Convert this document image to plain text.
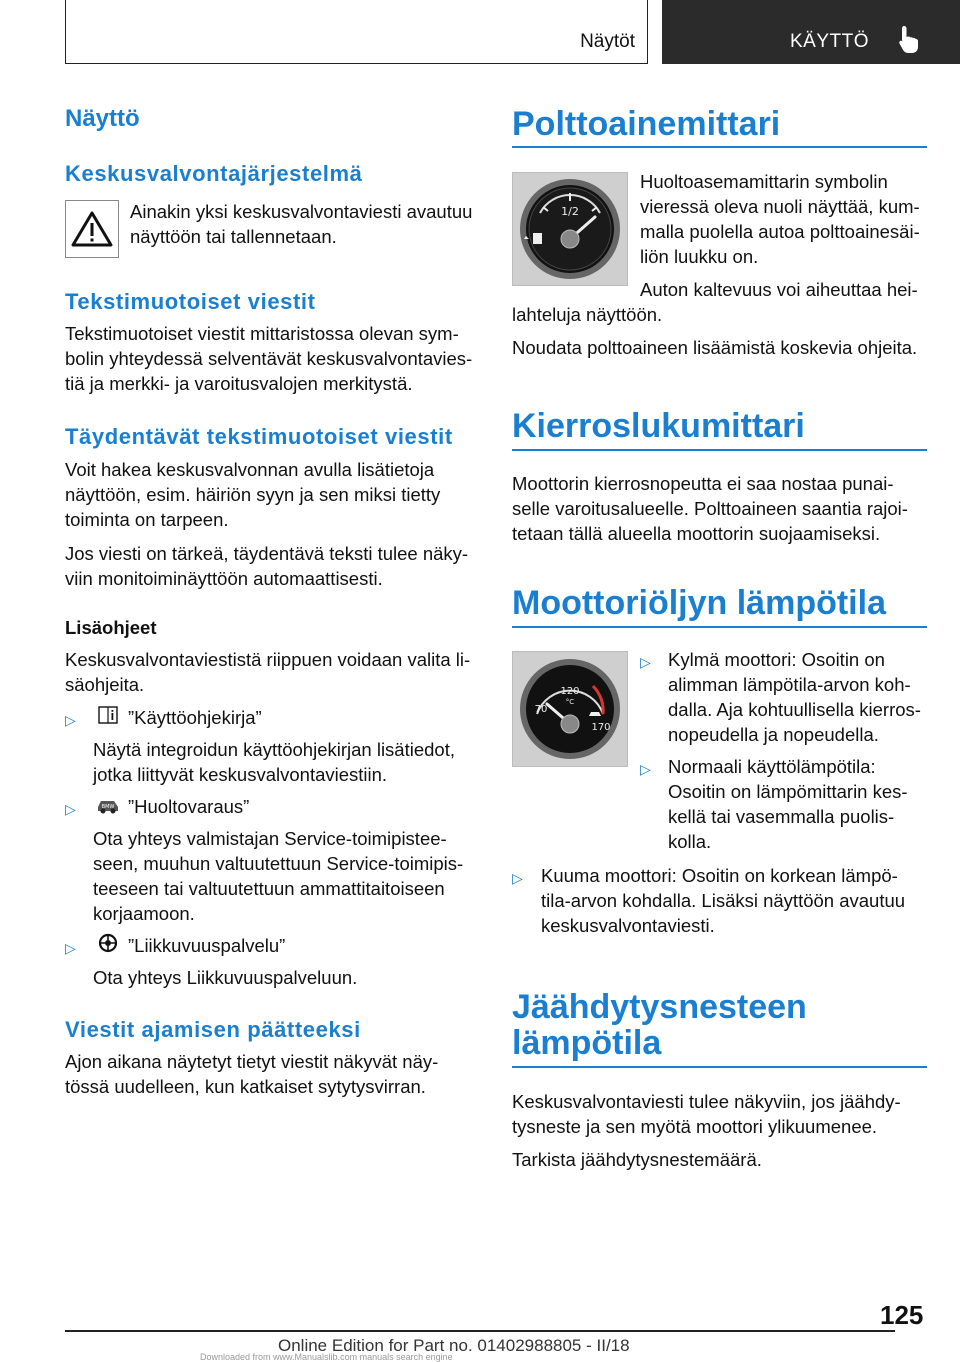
Näytöt	KÄYTTÖ
Näyttö
Keskusvalvontajärjestelmä
Ainakin yksi keskusvalvontaviesti avautuu
näyttöön tai tallennetaan.
Tekstimuotoiset viestit
Tekstimuotoiset viestit mittaristossa olevan sym-
bolin yhteydessä selventävät keskusvalvontavies-
tiä ja merkki- ja varoitusvalojen merkitystä.
Täydentävät tekstimuotoiset viestit
Voit hakea keskusvalvonnan avulla lisätietoja
näyttöön, esim. häiriön syyn ja sen miksi tietty
toiminta on tarpeen.
Jos viesti on tärkeä, täydentävä teksti tulee näky-
viin monitoiminäyttöön automaattisesti.
Lisäohjeet
Keskusvalvontaviestistä riippuen voidaan valita li-
säohjeita.
▷	”Käyttöohjekirja”
Näytä integroidun käyttöohjekirjan lisätiedot,
jotka liittyvät keskusvalvontaviestiin.
▷	BMW ”Huoltovaraus”
Ota yhteys valmistajan Service-toimipistee-
seen, muuhun valtuutettuun Service-toimipis-
teeseen tai valtuutettuun ammattitaitoiseen
korjaamoon.
▷	”Liikkuvuuspalvelu”
Ota yhteys Liikkuvuuspalveluun.
Viestit ajamisen päätteeksi
Ajon aikana näytetyt tietyt viestit näkyvät näy-
tössä uudelleen, kun katkaiset sytytysvirran.
Polttoainemittari
1/2
Huoltoasemamittarin symbolin
vieressä oleva nuoli näyttää, kum-
malla puolella autoa polttoainesäi-
liön luukku on.
Auton kaltevuus voi aiheuttaa hei-
lahteluja näyttöön.
Noudata polttoaineen lisäämistä koskevia ohjeita.
Kierroslukumittari
Moottorin kierrosnopeutta ei saa nostaa punai-
selle varoitusalueelle. Polttoaineen saantia rajoi-
tetaan tällä alueella moottorin suojaamiseksi.
Moottoriöljyn lämpötila
120
°C
70
170
▷ Kylmä moottori: Osoitin on
alimman lämpötila-arvon koh-
dalla. Aja kohtuullisella kierros-
nopeudella ja nopeudella.
▷ Normaali käyttölämpötila:
Osoitin on lämpömittarin kes-
kellä tai vasemmalla puolis-
kolla.
▷ Kuuma moottori: Osoitin on korkean lämpö-
tila-arvon kohdalla. Lisäksi näyttöön avautuu
keskusvalvontaviesti.
Jäähdytysnesteen
lämpötila
Keskusvalvontaviesti tulee näkyviin, jos jäähdy-
tysneste ja sen myötä moottori ylikuumenee.
Tarkista jäähdytysnestemäärä.
125
Online Edition for Part no. 01402988805 - II/18
Downloaded from www.Manualslib.com manuals search engine
